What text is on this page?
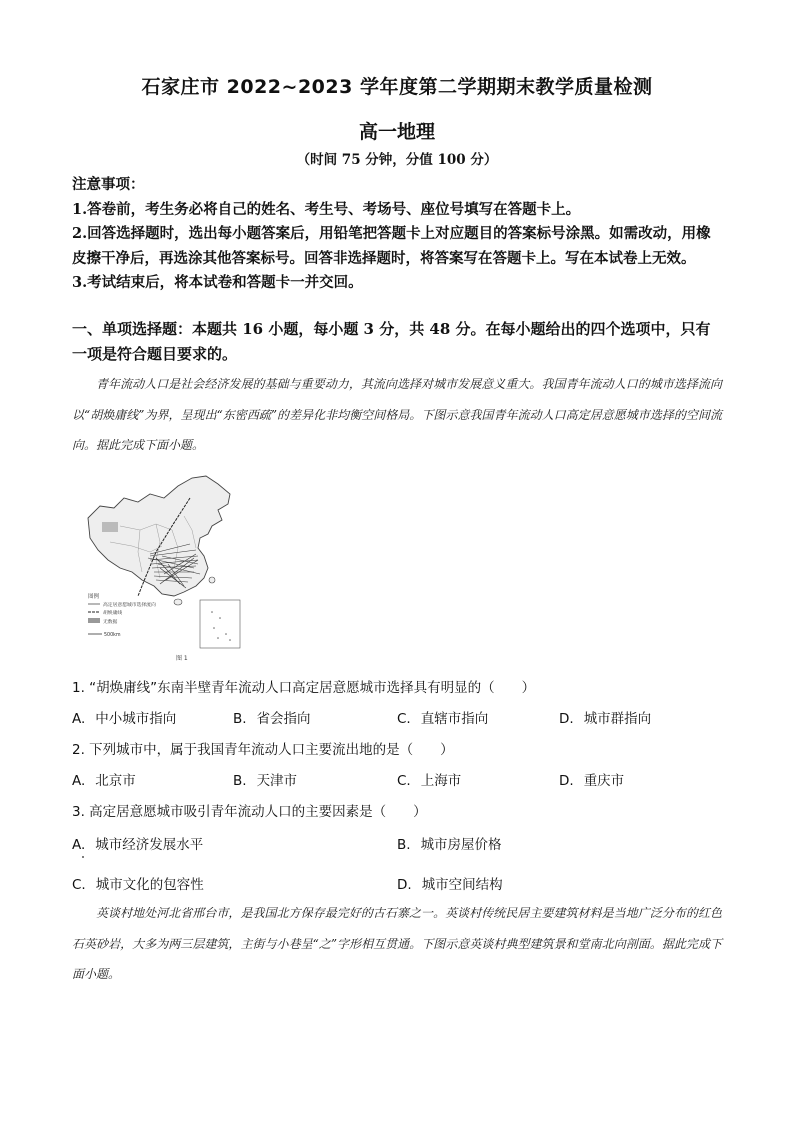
石家庄市 2022~2023 学年度第二学期期末教学质量检测
高一地理
（时间 75 分钟，分值 100 分）
注意事项：
1.答卷前，考生务必将自己的姓名、考生号、考场号、座位号填写在答题卡上。
2.回答选择题时，选出每小题答案后，用铅笔把答题卡上对应题目的答案标号涂黑。如需改动，用橡皮擦干净后，再选涂其他答案标号。回答非选择题时，将答案写在答题卡上。写在本试卷上无效。
3.考试结束后，将本试卷和答题卡一并交回。
一、单项选择题：本题共 16 小题，每小题 3 分，共 48 分。在每小题给出的四个选项中，只有一项是符合题目要求的。
青年流动人口是社会经济发展的基础与重要动力，其流向选择对城市发展意义重大。我国青年流动人口的城市选择流向以“胡焕庸线”为界，呈现出“东密西疏”的差异化非均衡空间格局。下图示意我国青年流动人口高定居意愿城市选择的空间流向。据此完成下面小题。
图例
高定居意愿城市选择流向
胡焕庸线
无数据
500km
图 1
1. “胡焕庸线”东南半壁青年流动人口高定居意愿城市选择具有明显的（　　）
A. 中小城市指向	B. 省会指向	C. 直辖市指向	D. 城市群指向
2. 下列城市中，属于我国青年流动人口主要流出地的是（　　）
A. 北京市	B. 天津市	C. 上海市	D. 重庆市
3. 高定居意愿城市吸引青年流动人口的主要因素是（　　）
A. 城市经济发展水平	B. 城市房屋价格
C. 城市文化的包容性	D. 城市空间结构
英谈村地处河北省邢台市，是我国北方保存最完好的古石寨之一。英谈村传统民居主要建筑材料是当地广泛分布的红色石英砂岩，大多为两三层建筑，主街与小巷呈“之”字形相互贯通。下图示意英谈村典型建筑景和堂南北向剖面。据此完成下面小题。
